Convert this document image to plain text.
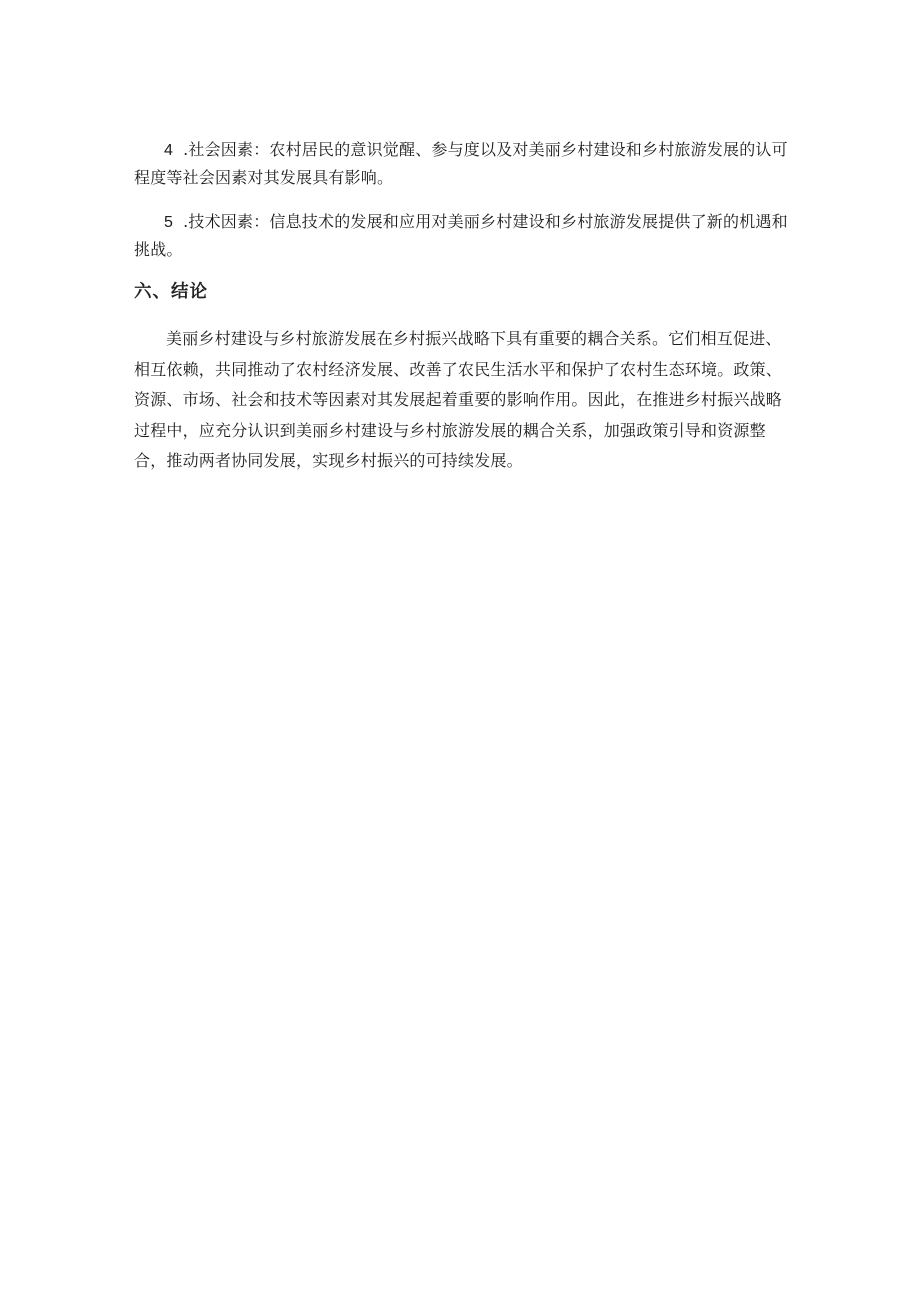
4 .社会因素：农村居民的意识觉醒、参与度以及对美丽乡村建设和乡村旅游发展的认可程度等社会因素对其发展具有影响。

5 .技术因素：信息技术的发展和应用对美丽乡村建设和乡村旅游发展提供了新的机遇和挑战。

六、结论

美丽乡村建设与乡村旅游发展在乡村振兴战略下具有重要的耦合关系。它们相互促进、相互依赖，共同推动了农村经济发展、改善了农民生活水平和保护了农村生态环境。政策、资源、市场、社会和技术等因素对其发展起着重要的影响作用。因此，在推进乡村振兴战略过程中，应充分认识到美丽乡村建设与乡村旅游发展的耦合关系，加强政策引导和资源整合，推动两者协同发展，实现乡村振兴的可持续发展。
